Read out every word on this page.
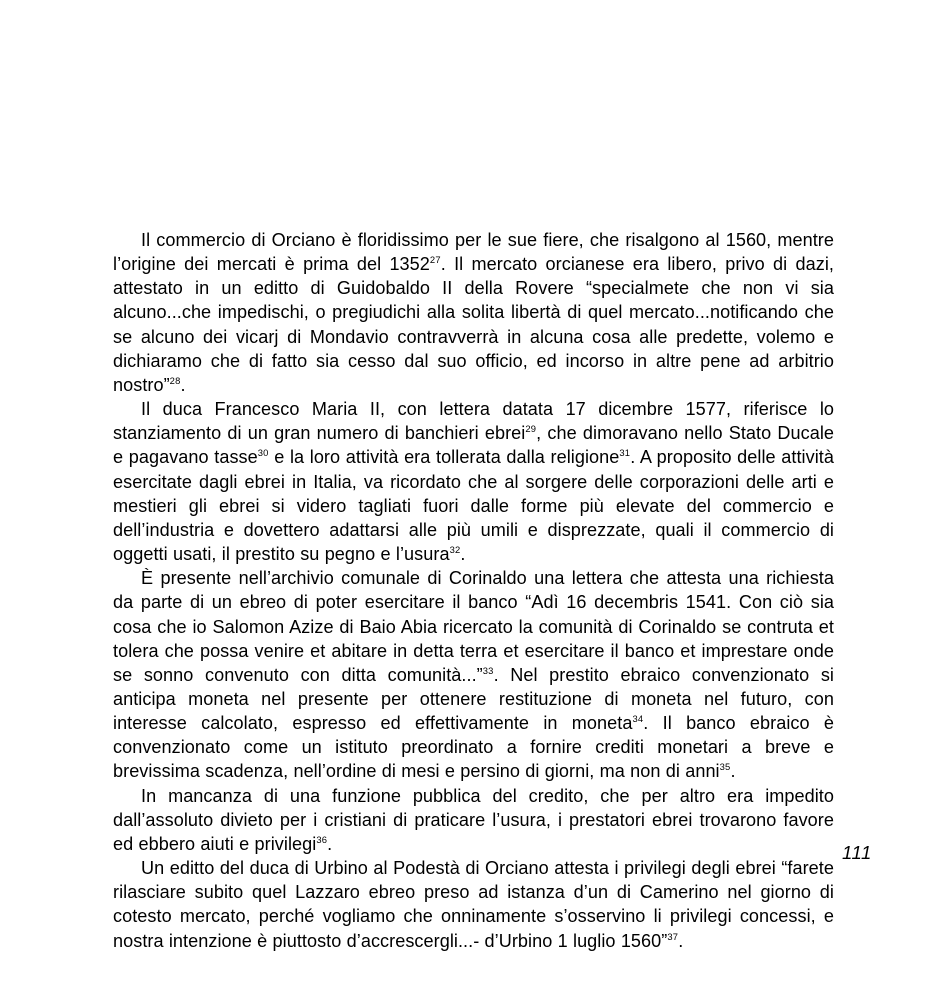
Il commercio di Orciano è floridissimo per le sue fiere, che risalgono al 1560, mentre l’origine dei mercati è prima del 1352$^{27}$. Il mercato orcianese era libero, privo di dazi, attestato in un editto di Guidobaldo II della Rovere “specialmete che non vi sia alcuno...che impedischi, o pregiudichi alla solita libertà di quel mercato...notificando che se alcuno dei vicarj di Mondavio contravverrà in alcuna cosa alle predette, volemo e dichiaramo che di fatto sia cesso dal suo officio, ed incorso in altre pene ad arbitrio nostro”$^{28}$.

Il duca Francesco Maria II, con lettera datata 17 dicembre 1577, riferisce lo stanziamento di un gran numero di banchieri ebrei$^{29}$, che dimoravano nello Stato Ducale e pagavano tasse$^{30}$ e la loro attività era tollerata dalla religione$^{31}$. A proposito delle attività esercitate dagli ebrei in Italia, va ricordato che al sorgere delle corporazioni delle arti e mestieri gli ebrei si videro tagliati fuori dalle forme più elevate del commercio e dell’industria e dovettero adattarsi alle più umili e disprezzate, quali il commercio di oggetti usati, il prestito su pegno e l’usura$^{32}$.

È presente nell’archivio comunale di Corinaldo una lettera che attesta una richiesta da parte di un ebreo di poter esercitare il banco “Adì 16 decembris 1541. Con ciò sia cosa che io Salomon Azize di Baio Abia ricercato la comunità di Corinaldo se contruta et tolera che possa venire et abitare in detta terra et esercitare il banco et imprestare onde se sonno convenuto con ditta comunità...”$^{33}$. Nel prestito ebraico convenzionato si anticipa moneta nel presente per ottenere restituzione di moneta nel futuro, con interesse calcolato, espresso ed effettivamente in moneta$^{34}$. Il banco ebraico è convenzionato come un istituto preordinato a fornire crediti monetari a breve e brevissima scadenza, nell’ordine di mesi e persino di giorni, ma non di anni$^{35}$.

In mancanza di una funzione pubblica del credito, che per altro era impedito dall’assoluto divieto per i cristiani di praticare l’usura, i prestatori ebrei trovarono favore ed ebbero aiuti e privilegi$^{36}$.

Un editto del duca di Urbino al Podestà di Orciano attesta i privilegi degli ebrei “farete rilasciare subito quel Lazzaro ebreo preso ad istanza d’un di Camerino nel giorno di cotesto mercato, perché vogliamo che onninamente s’osservino li privilegi concessi, e nostra intenzione è piuttosto d’accrescergli...- d’Urbino 1 luglio 1560”$^{37}$.

111
